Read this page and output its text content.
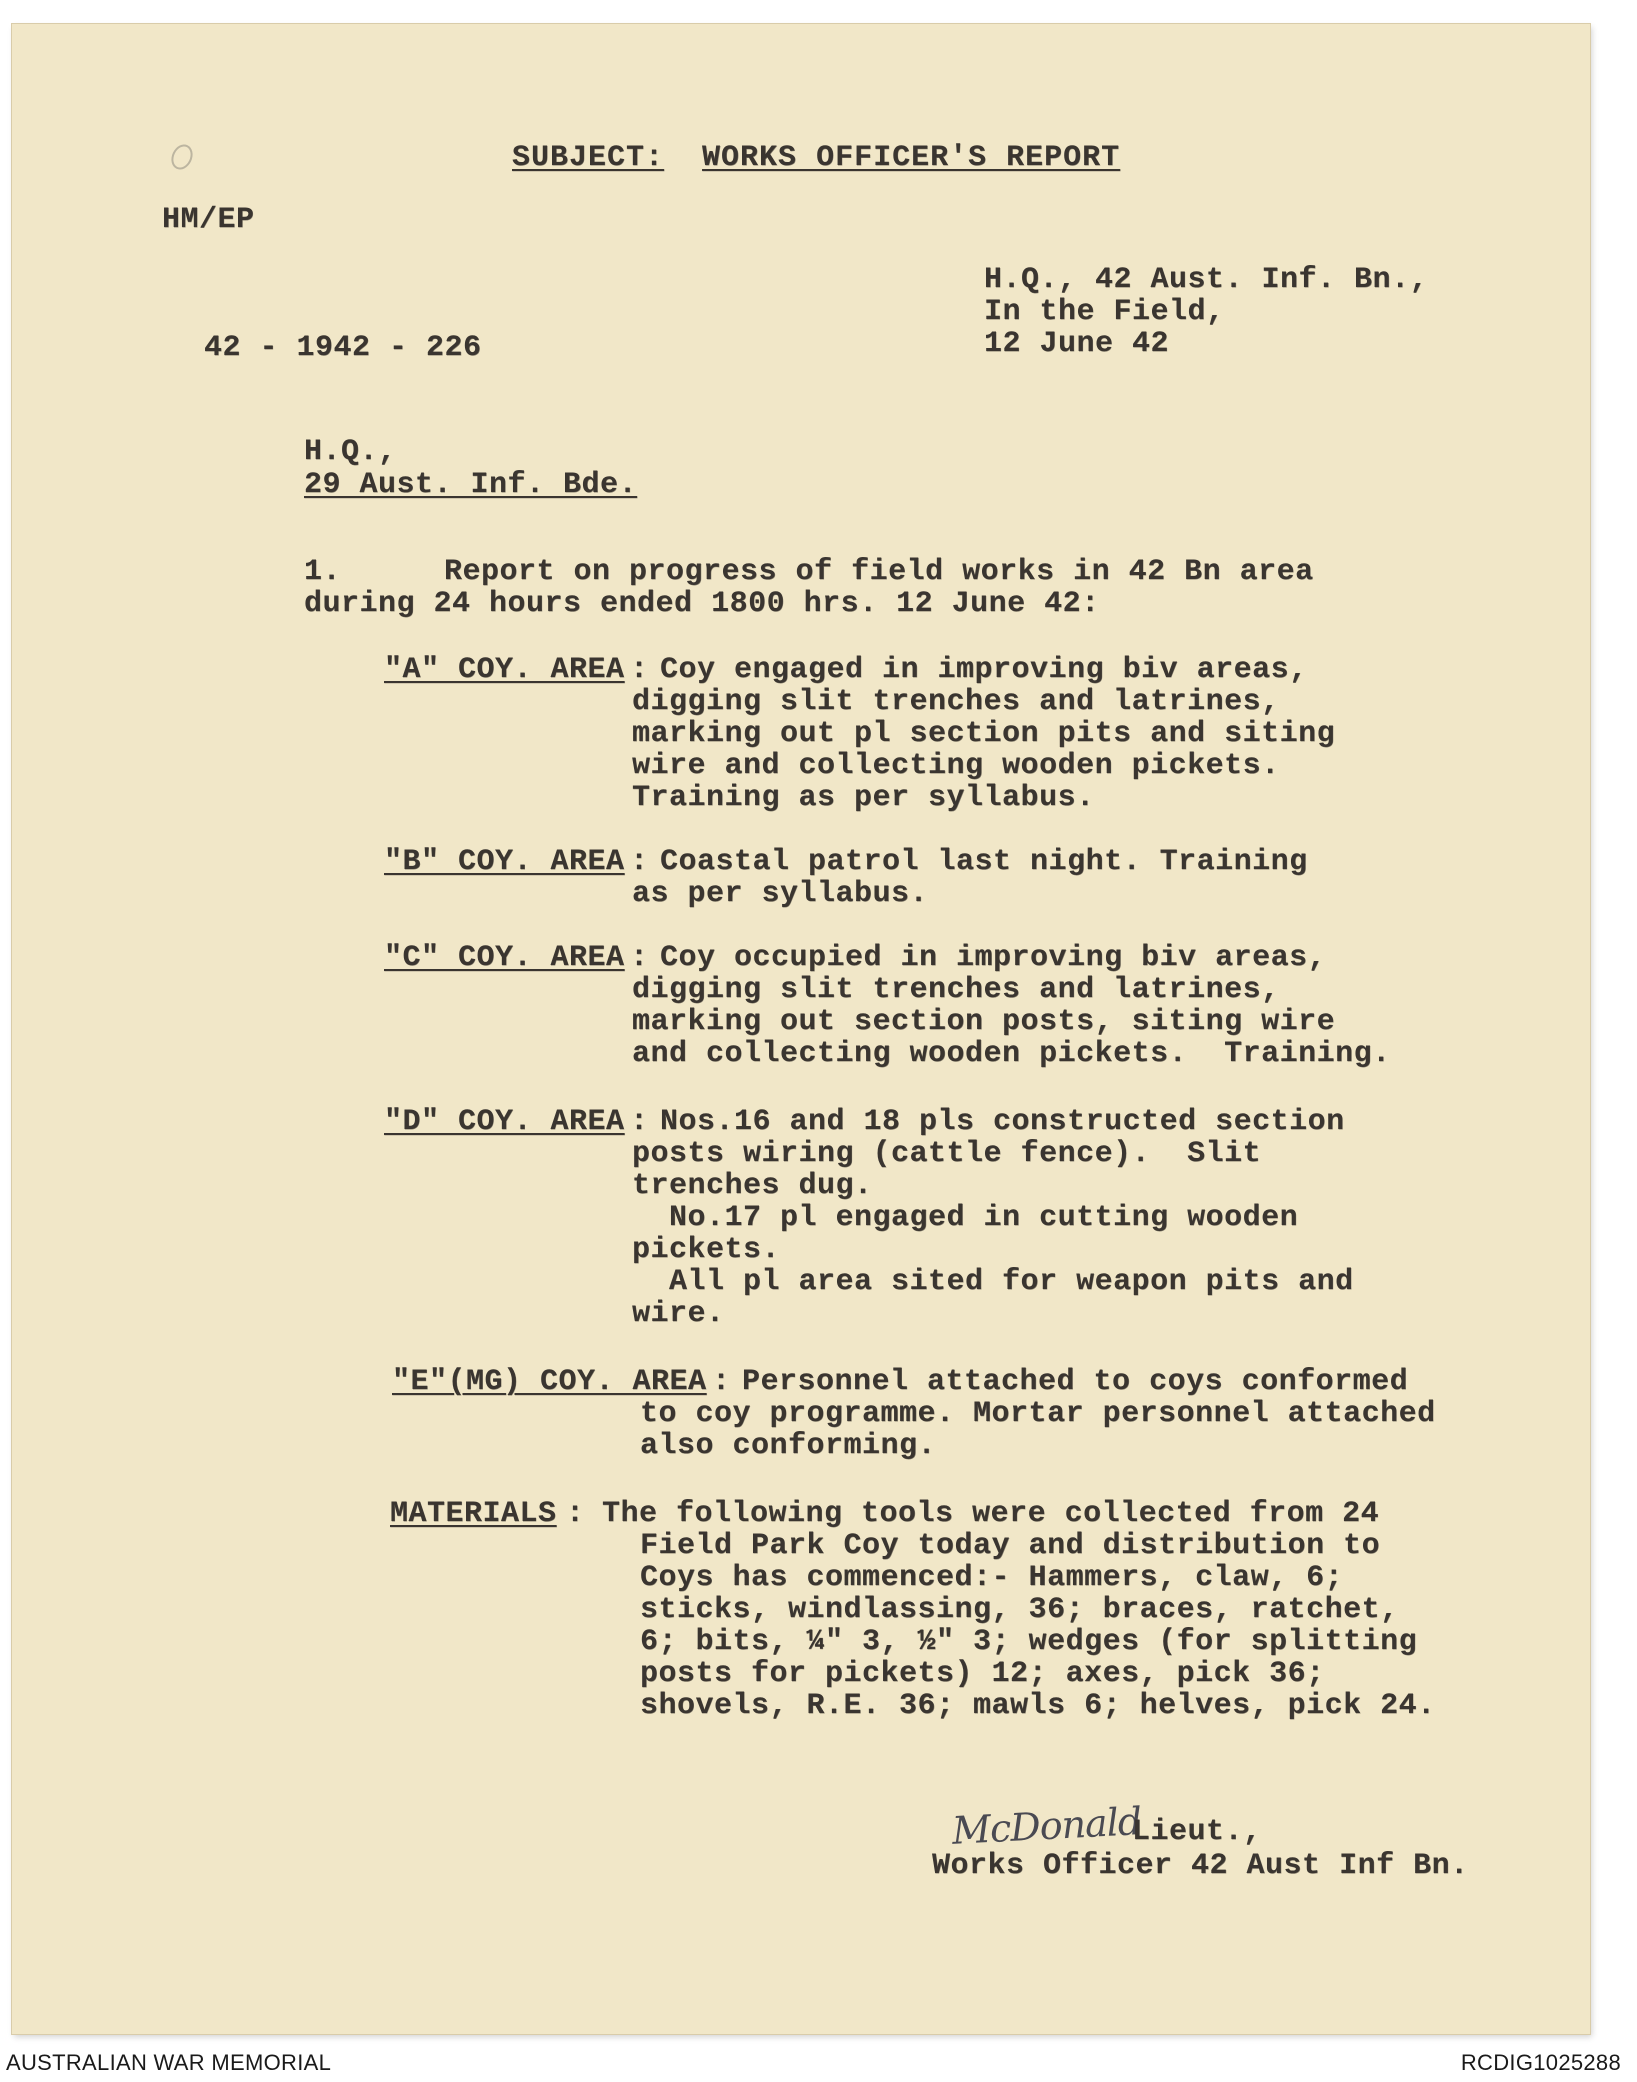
SUBJECT: WORKS OFFICER'S REPORT
HM/EP
H.Q., 42 Aust. Inf. Bn.,
In the Field,
12 June 42
42 - 1942 - 226
H.Q.,
29 Aust. Inf. Bde.
1.	Report on progress of field works in 42 Bn area
during 24 hours ended 1800 hrs. 12 June 42:
"A" COY. AREA : Coy engaged in improving biv areas,
digging slit trenches and latrines,
marking out pl section pits and siting
wire and collecting wooden pickets.
Training as per syllabus.
"B" COY. AREA : Coastal patrol last night. Training
as per syllabus.
"C" COY. AREA : Coy occupied in improving biv areas,
digging slit trenches and latrines,
marking out section posts, siting wire
and collecting wooden pickets.  Training.
"D" COY. AREA : Nos.16 and 18 pls constructed section
posts wiring (cattle fence).  Slit
trenches dug.
No.17 pl engaged in cutting wooden
pickets.
All pl area sited for weapon pits and
wire.
"E"(MG) COY. AREA : Personnel attached to coys conformed
to coy programme. Mortar personnel attached
also conforming.
MATERIALS : The following tools were collected from 24
Field Park Coy today and distribution to
Coys has commenced:- Hammers, claw, 6;
sticks, windlassing, 36; braces, ratchet,
6; bits, ¼" 3, ½" 3; wedges (for splitting
posts for pickets) 12; axes, pick 36;
shovels, R.E. 36; mawls 6; helves, pick 24.
McDonald
Lieut.,
Works Officer 42 Aust Inf Bn.
AUSTRALIAN WAR MEMORIAL	RCDIG1025288
